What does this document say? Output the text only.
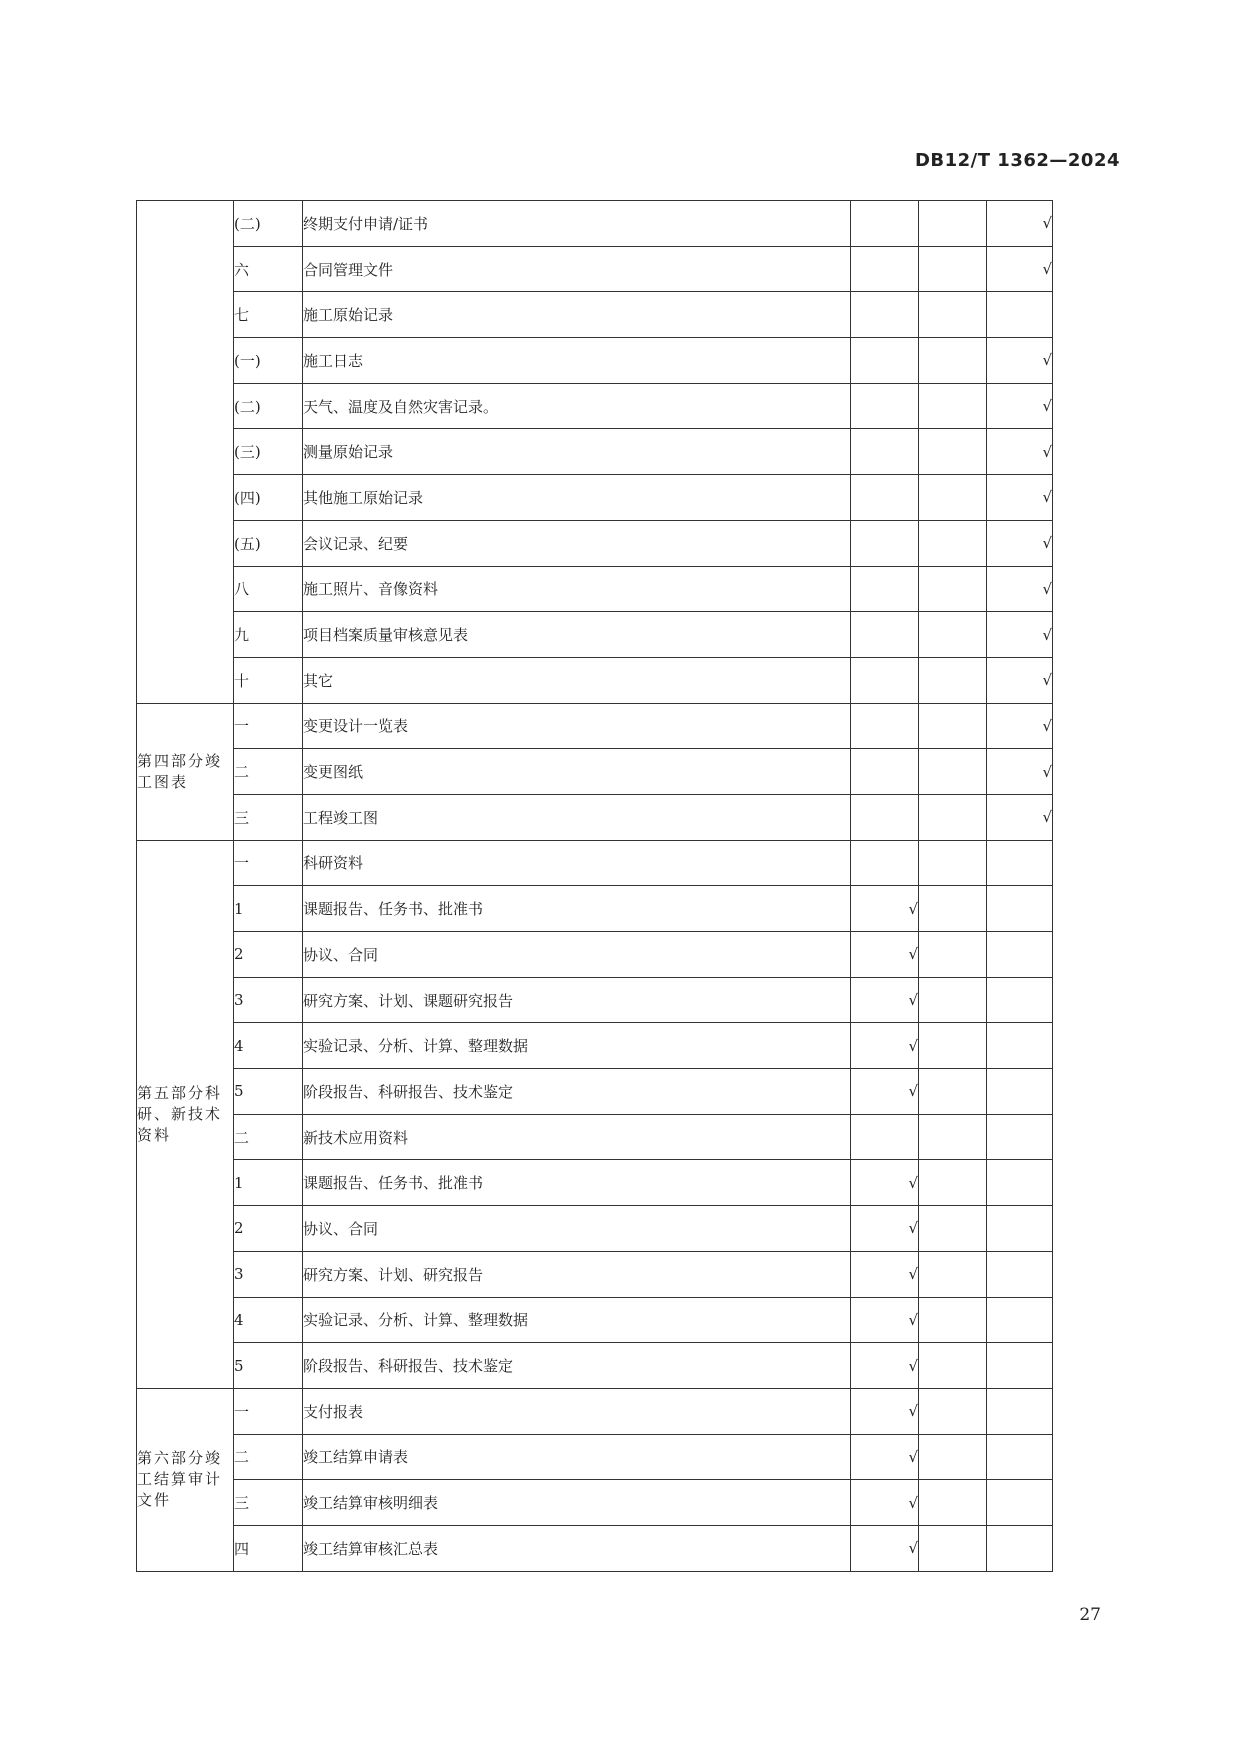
DB12/T 1362—2024
	(二)	终期支付申请/证书			√
	六	合同管理文件			√
	七	施工原始记录			
	(一)	施工日志			√
	(二)	天气、温度及自然灾害记录。			√
	(三)	测量原始记录			√
	(四)	其他施工原始记录			√
	(五)	会议记录、纪要			√
	八	施工照片、音像资料			√
	九	项目档案质量审核意见表			√
	十	其它			√
第四部分竣工图表	一	变更设计一览表			√
	二	变更图纸			√
	三	工程竣工图			√
第五部分科研、新技术资料	一	科研资料			
	1	课题报告、任务书、批准书	√		
	2	协议、合同	√		
	3	研究方案、计划、课题研究报告	√		
	4	实验记录、分析、计算、整理数据	√		
	5	阶段报告、科研报告、技术鉴定	√		
	二	新技术应用资料			
	1	课题报告、任务书、批准书	√		
	2	协议、合同	√		
	3	研究方案、计划、研究报告	√		
	4	实验记录、分析、计算、整理数据	√		
	5	阶段报告、科研报告、技术鉴定	√		
第六部分竣工结算审计文件	一	支付报表	√		
	二	竣工结算申请表	√		
	三	竣工结算审核明细表	√		
	四	竣工结算审核汇总表	√		
27
